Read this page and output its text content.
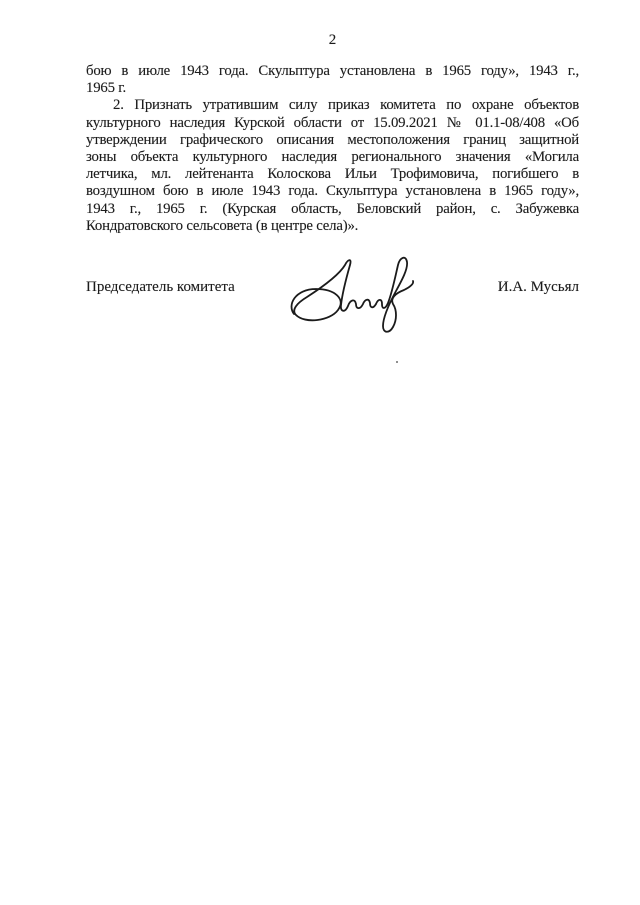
2
бою в июле 1943 года. Скульптура установлена в 1965 году», 1943 г.,
1965 г.
2. Признать утратившим силу приказ комитета по охране объектов
культурного наследия Курской области от 15.09.2021 № 01.1-08/408 «Об
утверждении графического описания местоположения границ защитной
зоны объекта культурного наследия регионального значения «Могила
летчика, мл. лейтенанта Колоскова Ильи Трофимовича, погибшего в
воздушном бою в июле 1943 года. Скульптура установлена в 1965 году»,
1943 г., 1965 г. (Курская область, Беловский район, с. Забужевка
Кондратовского сельсовета (в центре села)».
Председатель комитета	И.А. Мусьял
